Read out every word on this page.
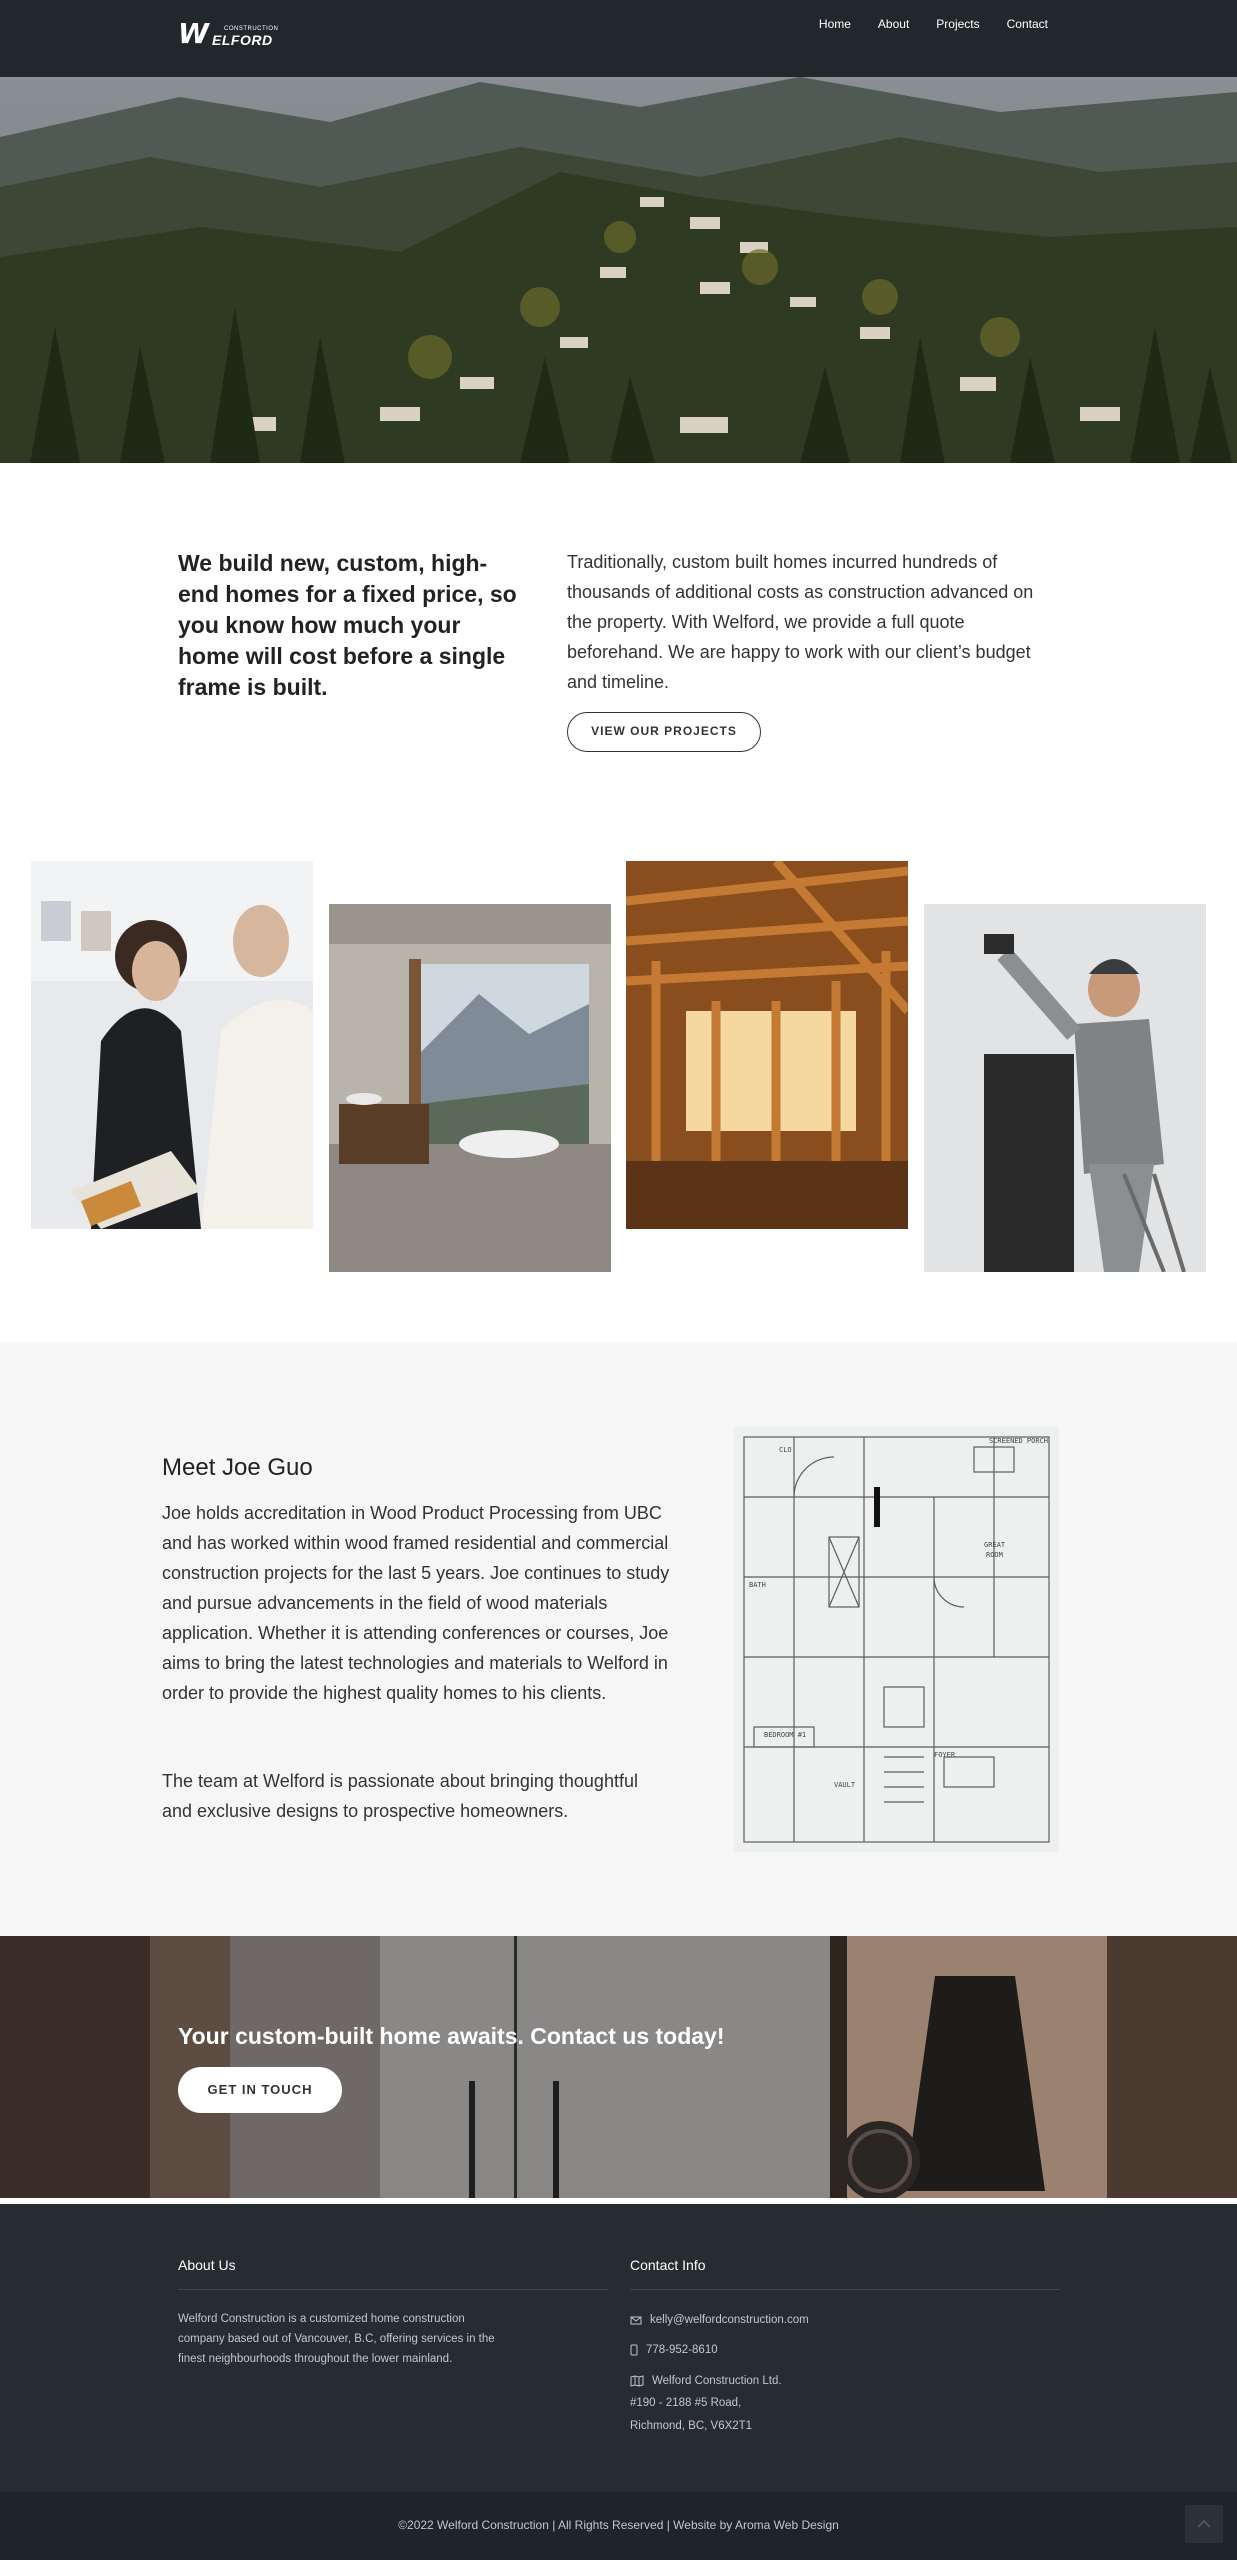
W	CONSTRUCTION
ELFORD
Home About Projects Contact
We build new, custom, high-end homes for a fixed price, so you know how much your home will cost before a single frame is built.

Traditionally, custom built homes incurred hundreds of thousands of additional costs as construction advanced on the property. With Welford, we provide a full quote beforehand. We are happy to work with our client’s budget and timeline.

VIEW OUR PROJECTS
Meet Joe Guo

Joe holds accreditation in Wood Product Processing from UBC and has worked within wood framed residential and commercial construction projects for the last 5 years. Joe continues to study and pursue advancements in the field of wood materials application. Whether it is attending conferences or courses, Joe aims to bring the latest technologies and materials to Welford in order to provide the highest quality homes to his clients.

The team at Welford is passionate about bringing thoughtful and exclusive designs to prospective homeowners.

SCREENED PORCH
CLO
GREAT
ROOM
BATH
BEDROOM #1
FOYER
VAULT
Your custom-built home awaits. Contact us today!
GET IN TOUCH
About Us

Welford Construction is a customized home construction company based out of Vancouver, B.C, offering services in the finest neighbourhoods throughout the lower mainland.

Contact Info
kelly@welfordconstruction.com
778-952-8610
Welford Construction Ltd.

#190 - 2188 #5 Road,

Richmond, BC, V6X2T1

©2022 Welford Construction | All Rights Reserved | Website by Aroma Web Design
